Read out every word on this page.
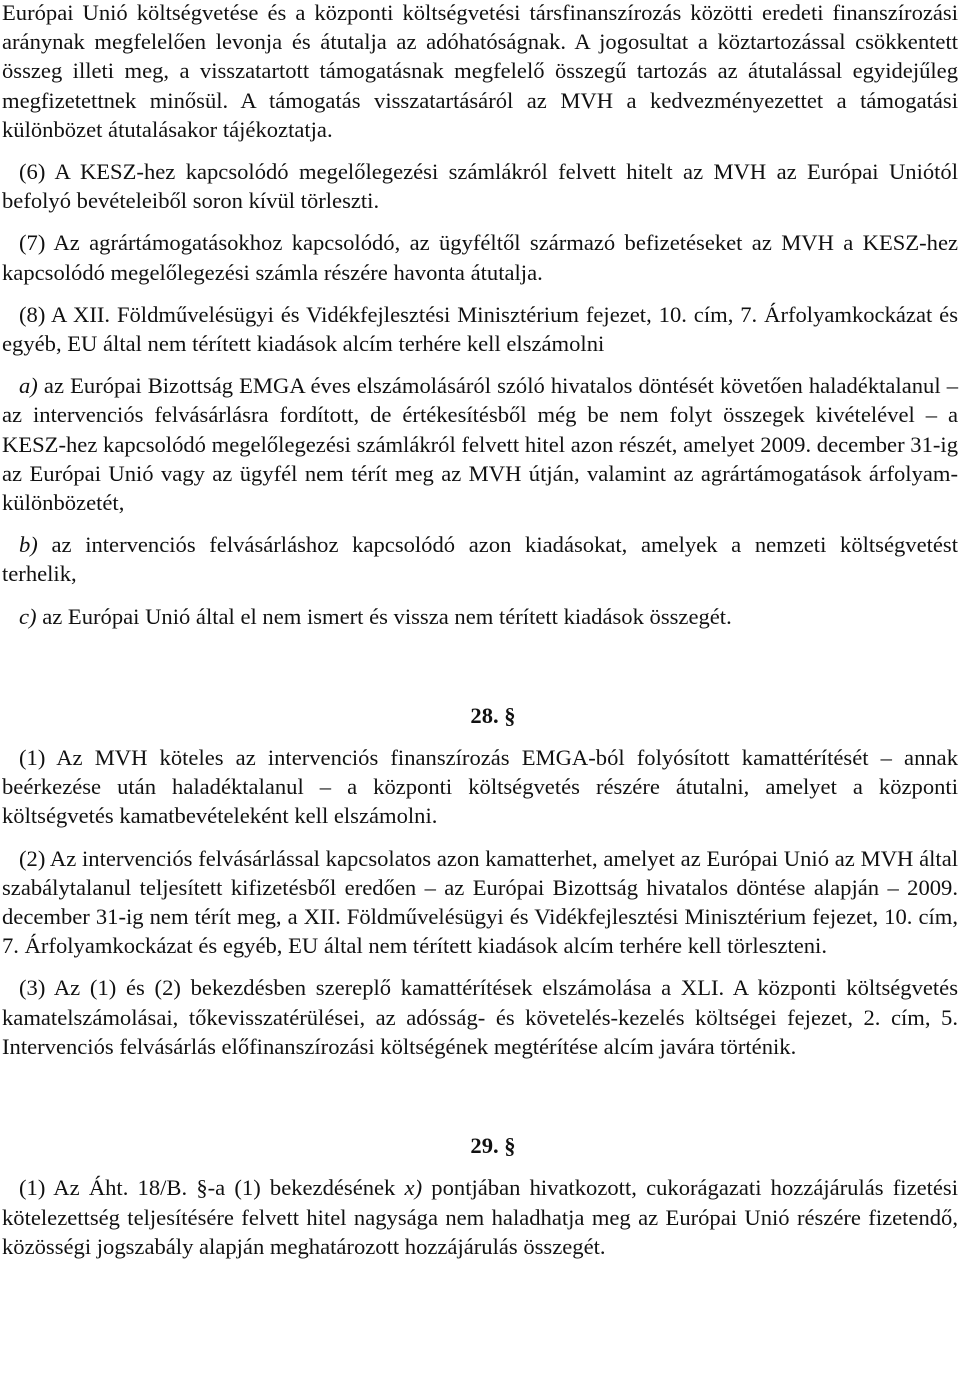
Európai Unió költségvetése és a központi költségvetési társfinanszírozás közötti eredeti finanszírozási aránynak megfelelően levonja és átutalja az adóhatóságnak. A jogosultat a köztartozással csökkentett összeg illeti meg, a visszatartott támogatásnak megfelelő összegű tartozás az átutalással egyidejűleg megfizetettnek minősül. A támogatás visszatartásáról az MVH a kedvezményezettet a támogatási különbözet átutalásakor tájékoztatja.

(6) A KESZ-hez kapcsolódó megelőlegezési számlákról felvett hitelt az MVH az Európai Uniótól befolyó bevételeiből soron kívül törleszti.

(7) Az agrártámogatásokhoz kapcsolódó, az ügyféltől származó befizetéseket az MVH a KESZ-hez kapcsolódó megelőlegezési számla részére havonta átutalja.

(8) A XII. Földművelésügyi és Vidékfejlesztési Minisztérium fejezet, 10. cím, 7. Árfolyamkockázat és egyéb, EU által nem térített kiadások alcím terhére kell elszámolni

a) az Európai Bizottság EMGA éves elszámolásáról szóló hivatalos döntését követően haladéktalanul – az intervenciós felvásárlásra fordított, de értékesítésből még be nem folyt összegek kivételével – a KESZ-hez kapcsolódó megelőlegezési számlákról felvett hitel azon részét, amelyet 2009. december 31-ig az Európai Unió vagy az ügyfél nem térít meg az MVH útján, valamint az agrártámogatások árfolyam-különbözetét,

b) az intervenciós felvásárláshoz kapcsolódó azon kiadásokat, amelyek a nemzeti költségvetést terhelik,

c) az Európai Unió által el nem ismert és vissza nem térített kiadások összegét.

28. §

(1) Az MVH köteles az intervenciós finanszírozás EMGA-ból folyósított kamattérítését – annak beérkezése után haladéktalanul – a központi költségvetés részére átutalni, amelyet a központi költségvetés kamatbevételeként kell elszámolni.

(2) Az intervenciós felvásárlással kapcsolatos azon kamatterhet, amelyet az Európai Unió az MVH által szabálytalanul teljesített kifizetésből eredően – az Európai Bizottság hivatalos döntése alapján – 2009. december 31-ig nem térít meg, a XII. Földművelésügyi és Vidékfejlesztési Minisztérium fejezet, 10. cím, 7. Árfolyamkockázat és egyéb, EU által nem térített kiadások alcím terhére kell törleszteni.

(3) Az (1) és (2) bekezdésben szereplő kamattérítések elszámolása a XLI. A központi költségvetés kamatelszámolásai, tőkevisszatérülései, az adósság- és követelés-kezelés költségei fejezet, 2. cím, 5. Intervenciós felvásárlás előfinanszírozási költségének megtérítése alcím javára történik.

29. §

(1) Az Áht. 18/B. §-a (1) bekezdésének x) pontjában hivatkozott, cukorágazati hozzájárulás fizetési kötelezettség teljesítésére felvett hitel nagysága nem haladhatja meg az Európai Unió részére fizetendő, közösségi jogszabály alapján meghatározott hozzájárulás összegét.
